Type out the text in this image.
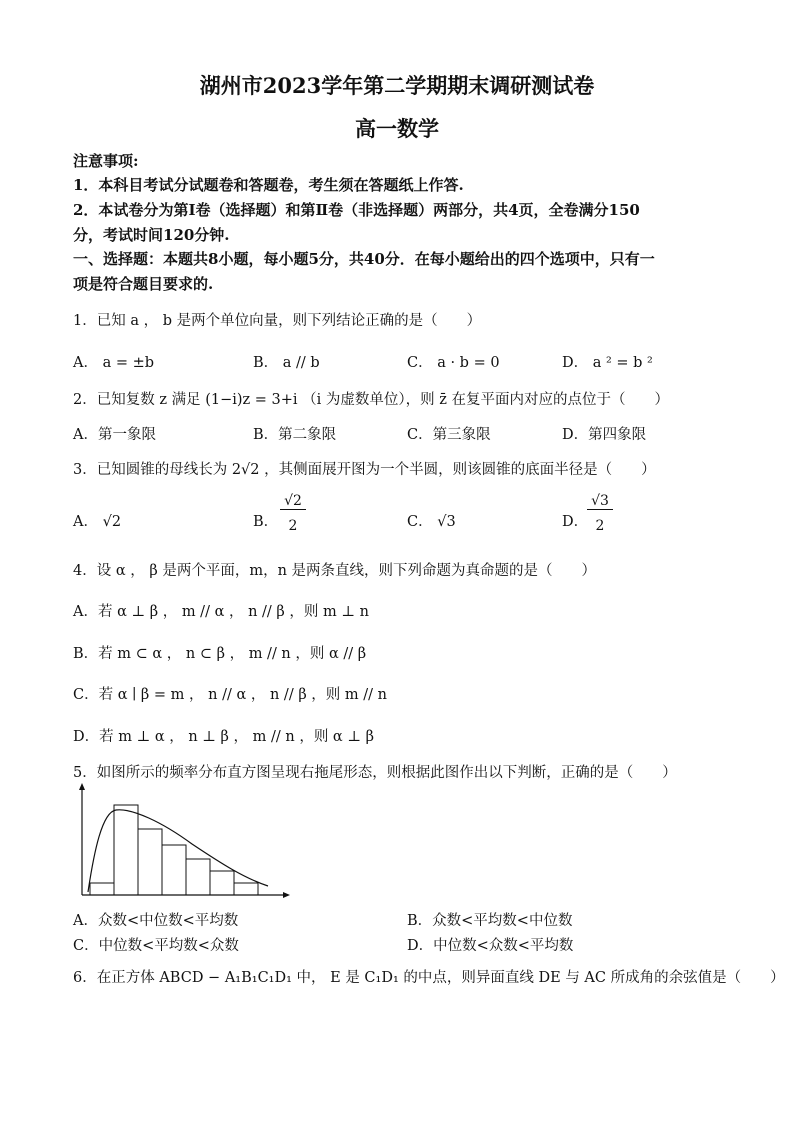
湖州市2023学年第二学期期末调研测试卷
高一数学
注意事项:
1．本科目考试分试题卷和答题卷，考生须在答题纸上作答.
2．本试卷分为第Ⅰ卷（选择题）和第Ⅱ卷（非选择题）两部分，共4页，全卷满分150
分，考试时间120分钟.
一、选择题：本题共8小题，每小题5分，共40分．在每小题给出的四个选项中，只有一
项是符合题目要求的.
1．已知 a ， b 是两个单位向量，则下列结论正确的是（　　）
A． a = ±b	B． a // b	C． a · b = 0	D． a ² = b ²
2．已知复数 z 满足 (1−i)z = 3+i （i 为虚数单位），则 z̄ 在复平面内对应的点位于（　　）
A．第一象限	B．第二象限	C．第三象限	D．第四象限
3．已知圆锥的母线长为 2√2 ，其侧面展开图为一个半圆，则该圆锥的底面半径是（　　）
A． √2	B．
√2
2	C． √3	D．
√3
2
4．设 α ， β 是两个平面，m，n 是两条直线，则下列命题为真命题的是（　　）
A．若 α ⊥ β ， m // α ， n // β ，则 m ⊥ n
B．若 m ⊂ α ， n ⊂ β ， m // n ，则 α // β
C．若 α ∣ β = m ， n // α ， n // β ，则 m // n
D．若 m ⊥ α ， n ⊥ β ， m // n ，则 α ⊥ β
5．如图所示的频率分布直方图呈现右拖尾形态，则根据此图作出以下判断，正确的是（　　）
A．众数<中位数<平均数	B．众数<平均数<中位数
C．中位数<平均数<众数	D．中位数<众数<平均数
6．在正方体 ABCD − A₁B₁C₁D₁ 中， E 是 C₁D₁ 的中点，则异面直线 DE 与 AC 所成角的余弦值是（　　）
